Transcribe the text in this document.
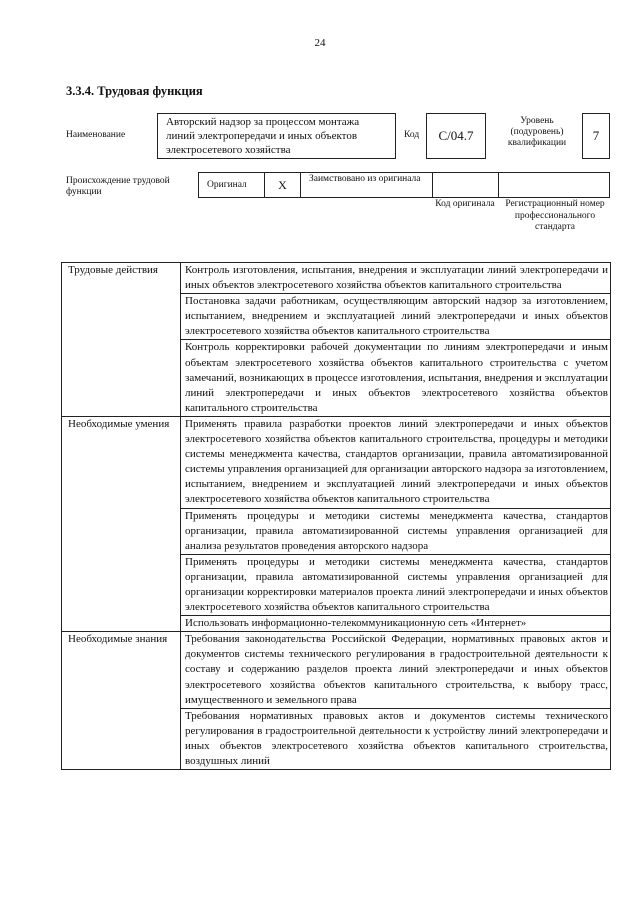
24
3.3.4. Трудовая функция
Наименование
Авторский надзор за процессом монтажа линий электропередачи и иных объектов электросетевого хозяйства
Код	С/04.7
Уровень (подуровень) квалификации	7
Происхождение трудовой функции
Оригинал	X	Заимствовано из оригинала
Код оригинала	Регистрационный номер профессионального стандарта
Трудовые действия	Контроль изготовления, испытания, внедрения и эксплуатации линий электропередачи и иных объектов электросетевого хозяйства объектов капитального строительства
	Постановка задачи работникам, осуществляющим авторский надзор за изготовлением, испытанием, внедрением и эксплуатацией линий электропередачи и иных объектов электросетевого хозяйства объектов капитального строительства
	Контроль корректировки рабочей документации по линиям электропередачи и иным объектам электросетевого хозяйства объектов капитального строительства с учетом замечаний, возникающих в процессе изготовления, испытания, внедрения и эксплуатации линий электропередачи и иных объектов электросетевого хозяйства объектов капитального строительства
Необходимые умения	Применять правила разработки проектов линий электропередачи и иных объектов электросетевого хозяйства объектов капитального строительства, процедуры и методики системы менеджмента качества, стандартов организации, правила автоматизированной системы управления организацией для организации авторского надзора за изготовлением, испытанием, внедрением и эксплуатацией линий электропередачи и иных объектов электросетевого хозяйства объектов капитального строительства
	Применять процедуры и методики системы менеджмента качества, стандартов организации, правила автоматизированной системы управления организацией для анализа результатов проведения авторского надзора
	Применять процедуры и методики системы менеджмента качества, стандартов организации, правила автоматизированной системы управления организацией для организации корректировки материалов проекта линий электропередачи и иных объектов электросетевого хозяйства объектов капитального строительства
	Использовать информационно-телекоммуникационную сеть «Интернет»
Необходимые знания	Требования законодательства Российской Федерации, нормативных правовых актов и документов системы технического регулирования в градостроительной деятельности к составу и содержанию разделов проекта линий электропередачи и иных объектов электросетевого хозяйства объектов капитального строительства, к выбору трасс, имущественного и земельного права
	Требования нормативных правовых актов и документов системы технического регулирования в градостроительной деятельности к устройству линий электропередачи и иных объектов электросетевого хозяйства объектов капитального строительства, воздушных линий
